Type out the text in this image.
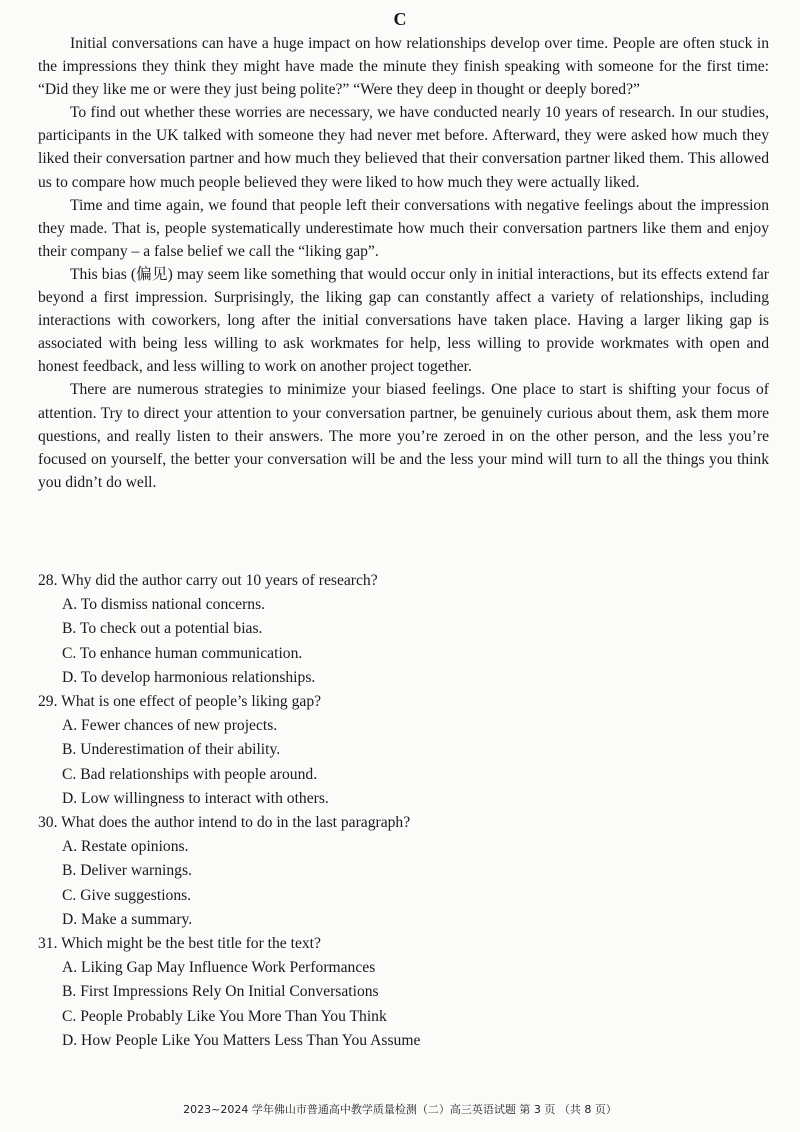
C

Initial conversations can have a huge impact on how relationships develop over time. People are often stuck in the impressions they think they might have made the minute they finish speaking with someone for the first time: “Did they like me or were they just being polite?” “Were they deep in thought or deeply bored?”

To find out whether these worries are necessary, we have conducted nearly 10 years of research. In our studies, participants in the UK talked with someone they had never met before. Afterward, they were asked how much they liked their conversation partner and how much they believed that their conversation partner liked them. This allowed us to compare how much people believed they were liked to how much they were actually liked.

Time and time again, we found that people left their conversations with negative feelings about the impression they made. That is, people systematically underestimate how much their conversation partners like them and enjoy their company – a false belief we call the “liking gap”.

This bias (偏见) may seem like something that would occur only in initial interactions, but its effects extend far beyond a first impression. Surprisingly, the liking gap can constantly affect a variety of relationships, including interactions with coworkers, long after the initial conversations have taken place. Having a larger liking gap is associated with being less willing to ask workmates for help, less willing to provide workmates with open and honest feedback, and less willing to work on another project together.

There are numerous strategies to minimize your biased feelings. One place to start is shifting your focus of attention. Try to direct your attention to your conversation partner, be genuinely curious about them, ask them more questions, and really listen to their answers. The more you’re zeroed in on the other person, and the less you’re focused on yourself, the better your conversation will be and the less your mind will turn to all the things you think you didn’t do well.

28. Why did the author carry out 10 years of research?

A. To dismiss national concerns.

B. To check out a potential bias.

C. To enhance human communication.

D. To develop harmonious relationships.

29. What is one effect of people’s liking gap?

A. Fewer chances of new projects.

B. Underestimation of their ability.

C. Bad relationships with people around.

D. Low willingness to interact with others.

30. What does the author intend to do in the last paragraph?

A. Restate opinions.

B. Deliver warnings.

C. Give suggestions.

D. Make a summary.

31. Which might be the best title for the text?

A. Liking Gap May Influence Work Performances

B. First Impressions Rely On Initial Conversations

C. People Probably Like You More Than You Think

D. How People Like You Matters Less Than You Assume

2023~2024 学年佛山市普通高中教学质量检测（二）高三英语试题 第 3 页 （共 8 页）
